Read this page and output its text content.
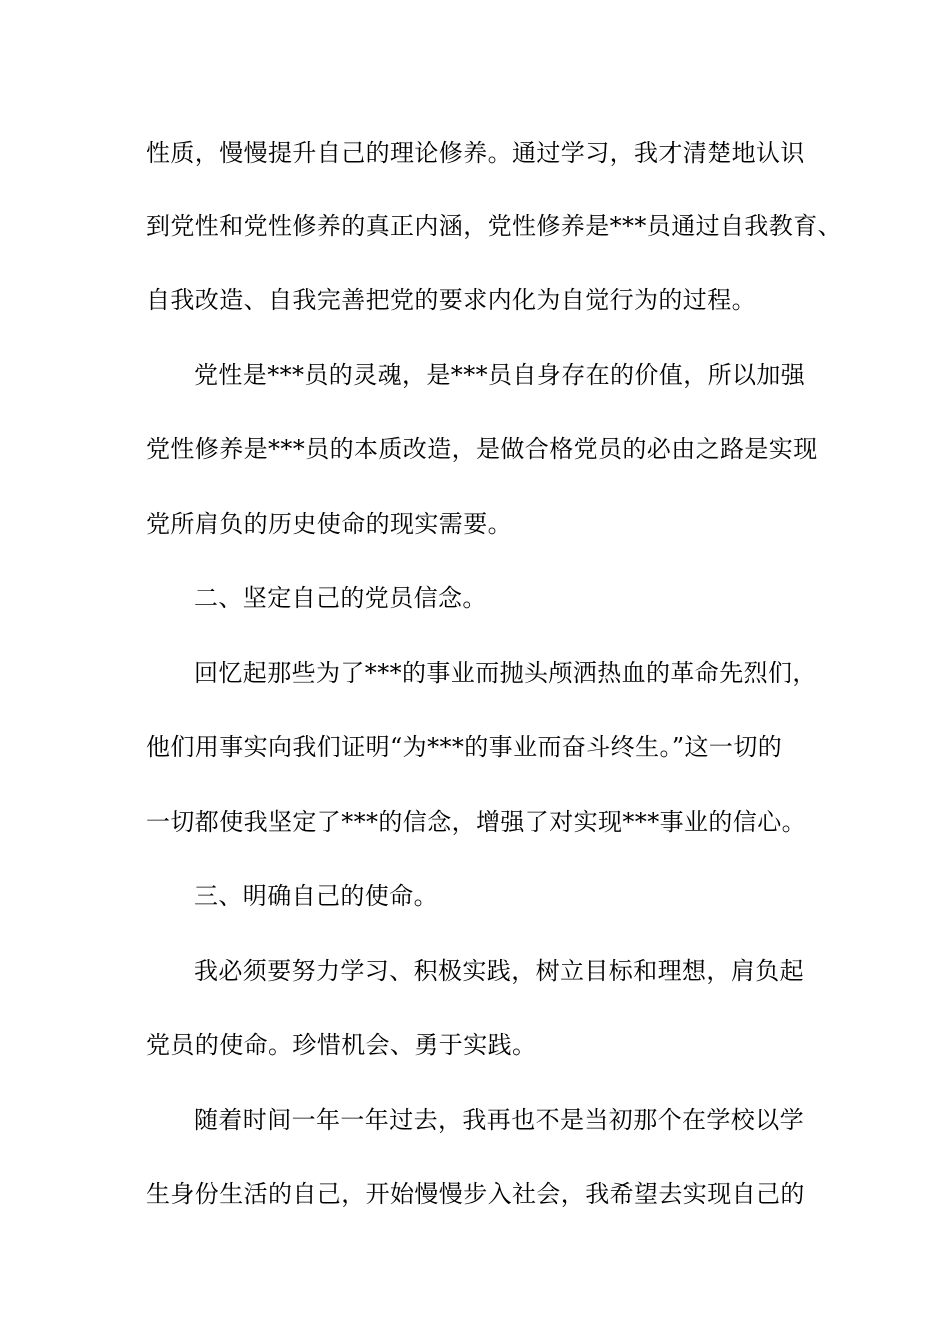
性质，慢慢提升自己的理论修养。通过学习，我才清楚地认识
到党性和党性修养的真正内涵，党性修养是***员通过自我教育、
自我改造、自我完善把党的要求内化为自觉行为的过程。
党性是***员的灵魂，是***员自身存在的价值，所以加强
党性修养是***员的本质改造，是做合格党员的必由之路是实现
党所肩负的历史使命的现实需要。
二、坚定自己的党员信念。
回忆起那些为了***的事业而抛头颅洒热血的革命先烈们，
他们用事实向我们证明“为***的事业而奋斗终生。”这一切的
一切都使我坚定了***的信念，增强了对实现***事业的信心。
三、明确自己的使命。
我必须要努力学习、积极实践，树立目标和理想，肩负起
党员的使命。珍惜机会、勇于实践。
随着时间一年一年过去，我再也不是当初那个在学校以学
生身份生活的自己，开始慢慢步入社会，我希望去实现自己的
